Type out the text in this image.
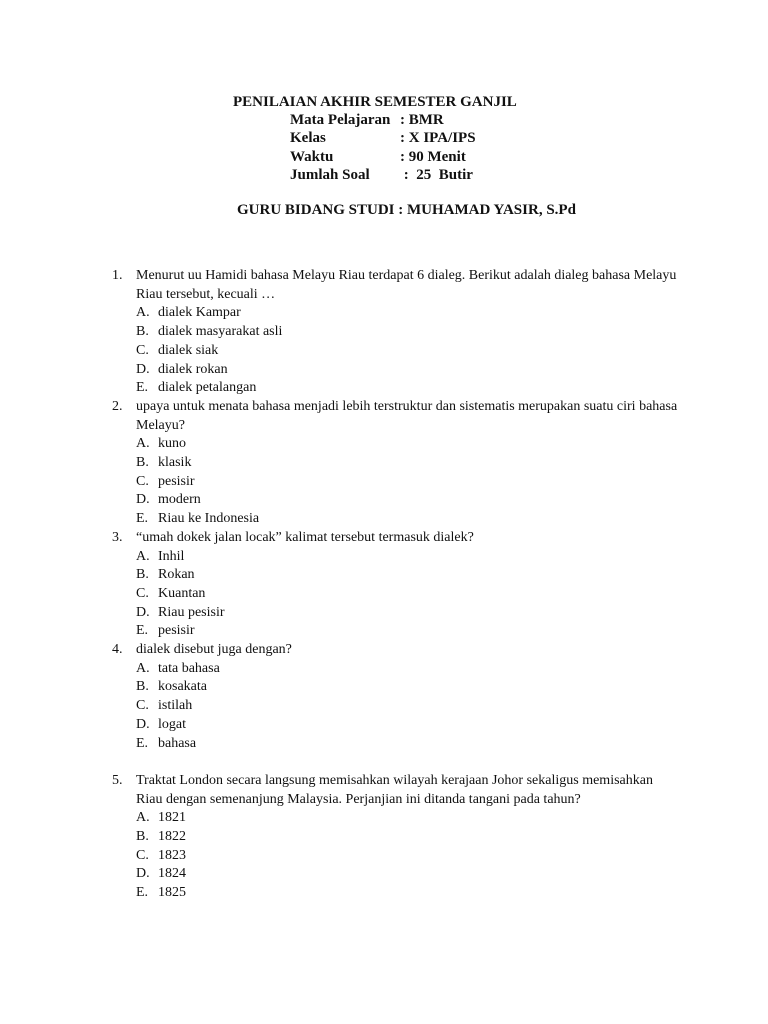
PENILAIAN AKHIR SEMESTER GANJIL
Mata Pelajaran : BMR
Kelas	: X IPA/IPS
Waktu	: 90 Menit
Jumlah Soal :  25  Butir
GURU BIDANG STUDI : MUHAMAD YASIR, S.Pd
1. Menurut uu Hamidi bahasa Melayu Riau terdapat 6 dialeg. Berikut adalah dialeg bahasa Melayu Riau tersebut, kecuali …
A. dialek Kampar
B. dialek masyarakat asli
C. dialek siak
D. dialek rokan
E. dialek petalangan
2. upaya untuk menata bahasa menjadi lebih terstruktur dan sistematis merupakan suatu ciri bahasa Melayu?
A. kuno
B. klasik
C. pesisir
D. modern
E. Riau ke Indonesia
3. “umah dokek jalan locak” kalimat tersebut termasuk dialek?
A. Inhil
B. Rokan
C. Kuantan
D. Riau pesisir
E. pesisir
4. dialek disebut juga dengan?
A. tata bahasa
B. kosakata
C. istilah
D. logat
E. bahasa
5. Traktat London secara langsung memisahkan wilayah kerajaan Johor sekaligus memisahkan Riau dengan semenanjung Malaysia. Perjanjian ini ditanda tangani pada tahun?
A. 1821
B. 1822
C. 1823
D. 1824
E. 1825
